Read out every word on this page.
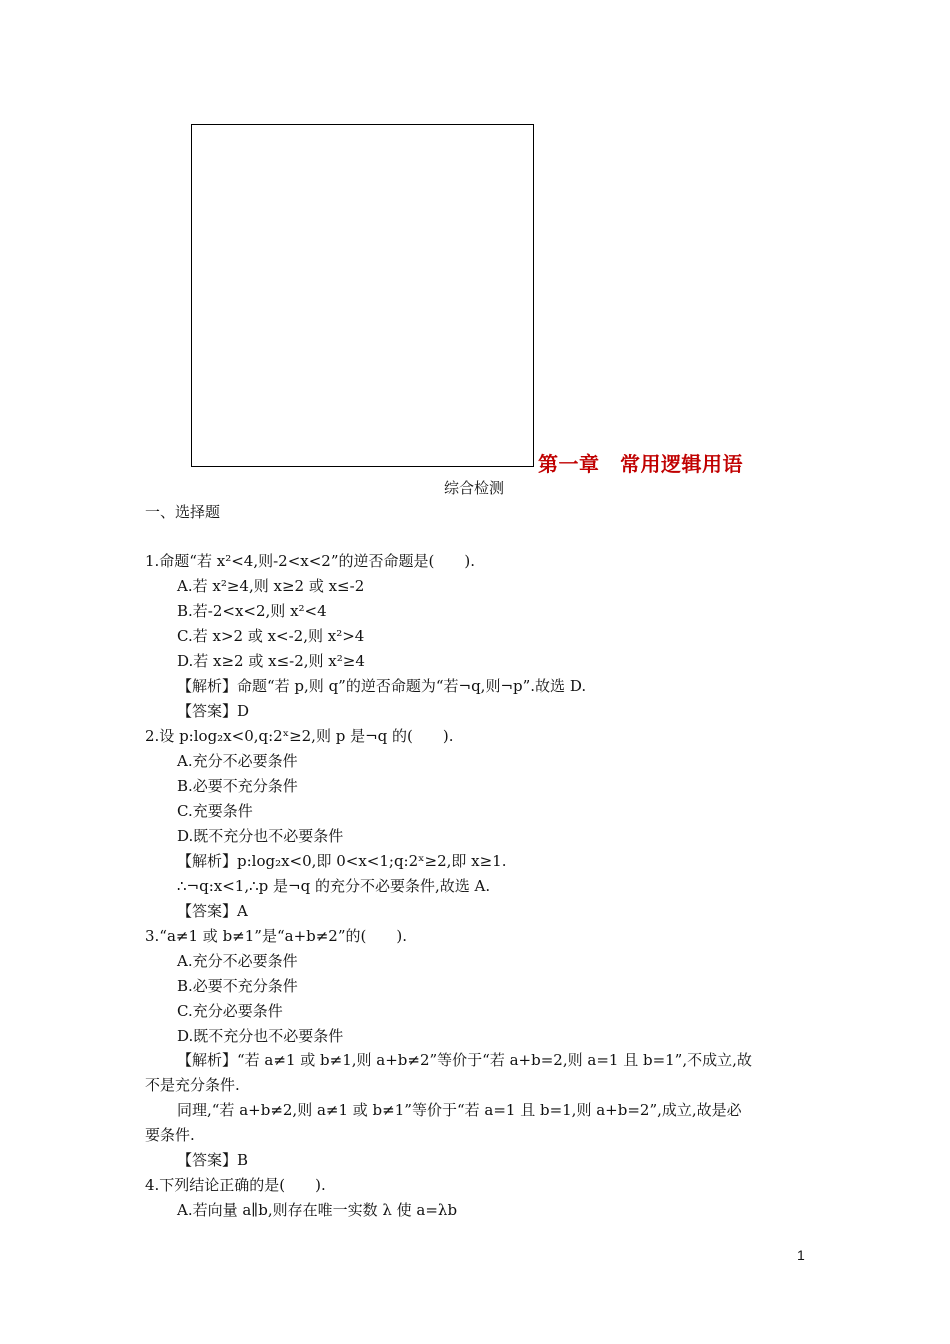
第一章　常用逻辑用语
综合检测
一、选择题
1.命题“若 x²<4,则-2<x<2”的逆否命题是(　　).
A.若 x²≥4,则 x≥2 或 x≤-2
B.若-2<x<2,则 x²<4
C.若 x>2 或 x<-2,则 x²>4
D.若 x≥2 或 x≤-2,则 x²≥4
【解析】命题“若 p,则 q”的逆否命题为“若¬q,则¬p”.故选 D.
【答案】D
2.设 p:log₂x<0,q:2ˣ≥2,则 p 是¬q 的(　　).
A.充分不必要条件
B.必要不充分条件
C.充要条件
D.既不充分也不必要条件
【解析】p:log₂x<0,即 0<x<1;q:2ˣ≥2,即 x≥1.
∴¬q:x<1,∴p 是¬q 的充分不必要条件,故选 A.
【答案】A
3.“a≠1 或 b≠1”是“a+b≠2”的(　　).
A.充分不必要条件
B.必要不充分条件
C.充分必要条件
D.既不充分也不必要条件
【解析】“若 a≠1 或 b≠1,则 a+b≠2”等价于“若 a+b=2,则 a=1 且 b=1”,不成立,故
不是充分条件.
同理,“若 a+b≠2,则 a≠1 或 b≠1”等价于“若 a=1 且 b=1,则 a+b=2”,成立,故是必
要条件.
【答案】B
4.下列结论正确的是(　　).
A.若向量 a∥b,则存在唯一实数 λ 使 a=λb
1
